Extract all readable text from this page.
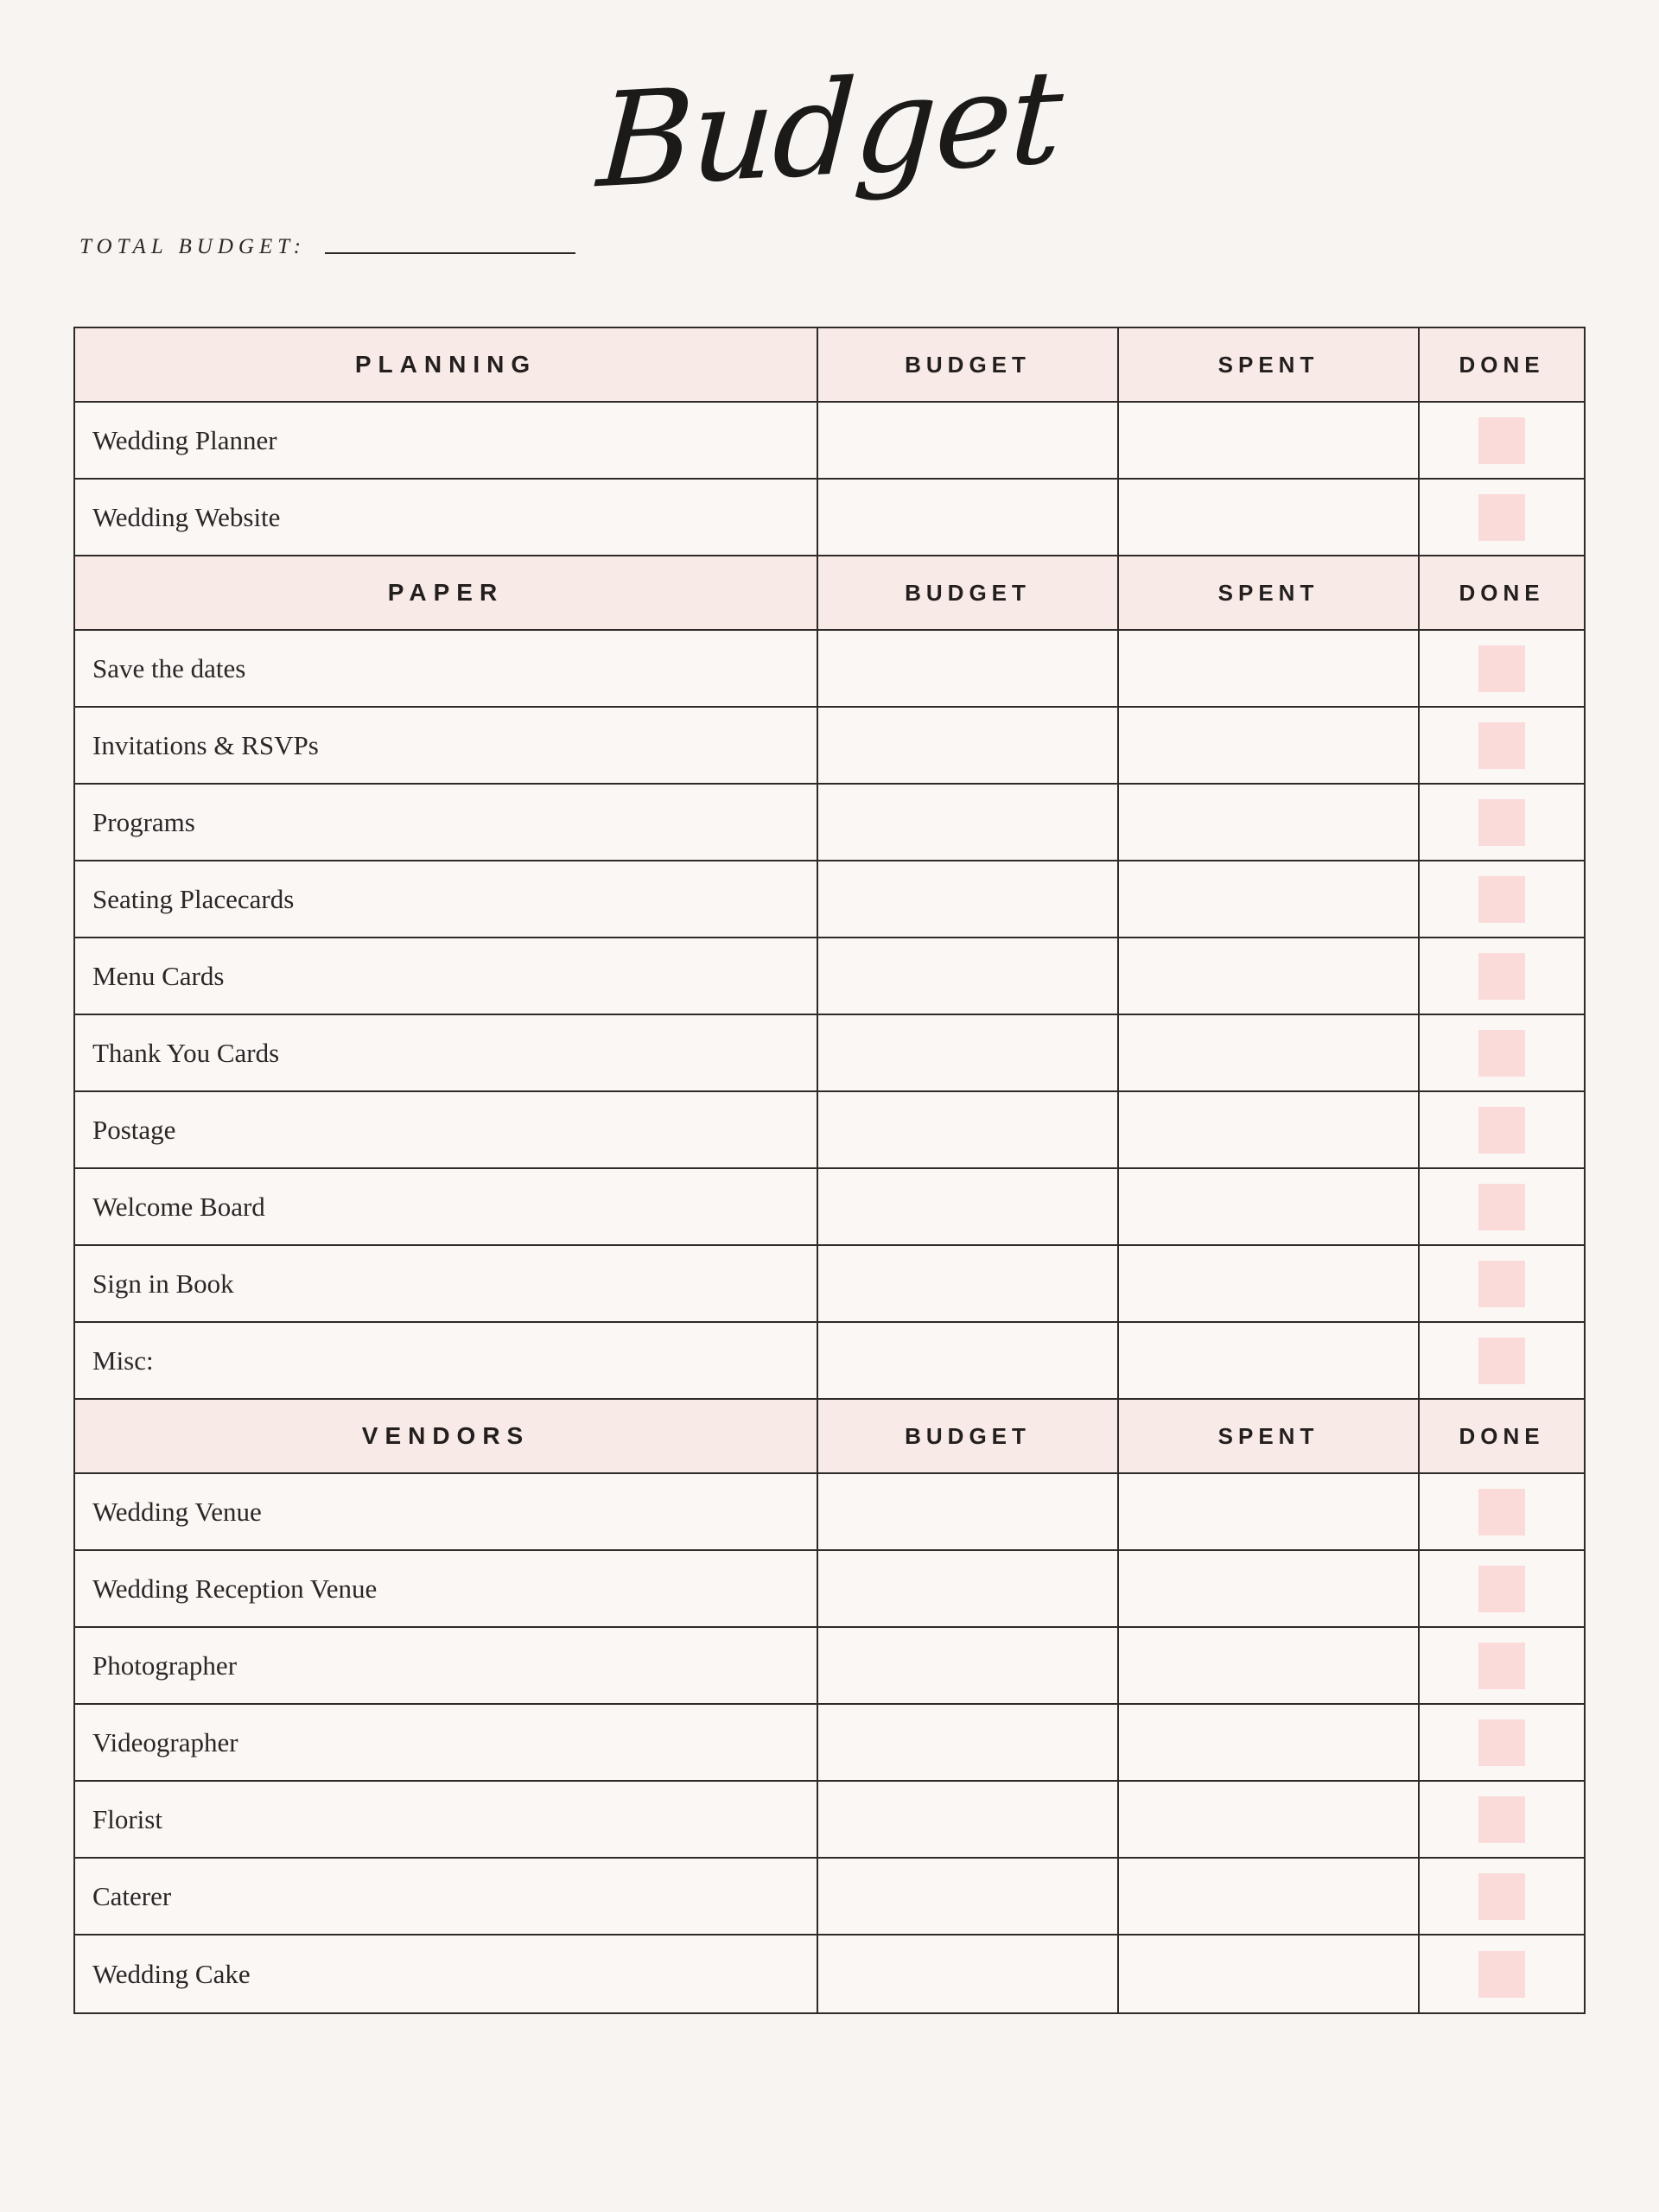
Budget
TOTAL BUDGET:
PLANNING	BUDGET	SPENT	DONE
Wedding Planner
Wedding Website
PAPER	BUDGET	SPENT	DONE
Save the dates
Invitations & RSVPs
Programs
Seating Placecards
Menu Cards
Thank You Cards
Postage
Welcome Board
Sign in Book
Misc:
VENDORS	BUDGET	SPENT	DONE
Wedding Venue
Wedding Reception Venue
Photographer
Videographer
Florist
Caterer
Wedding Cake
